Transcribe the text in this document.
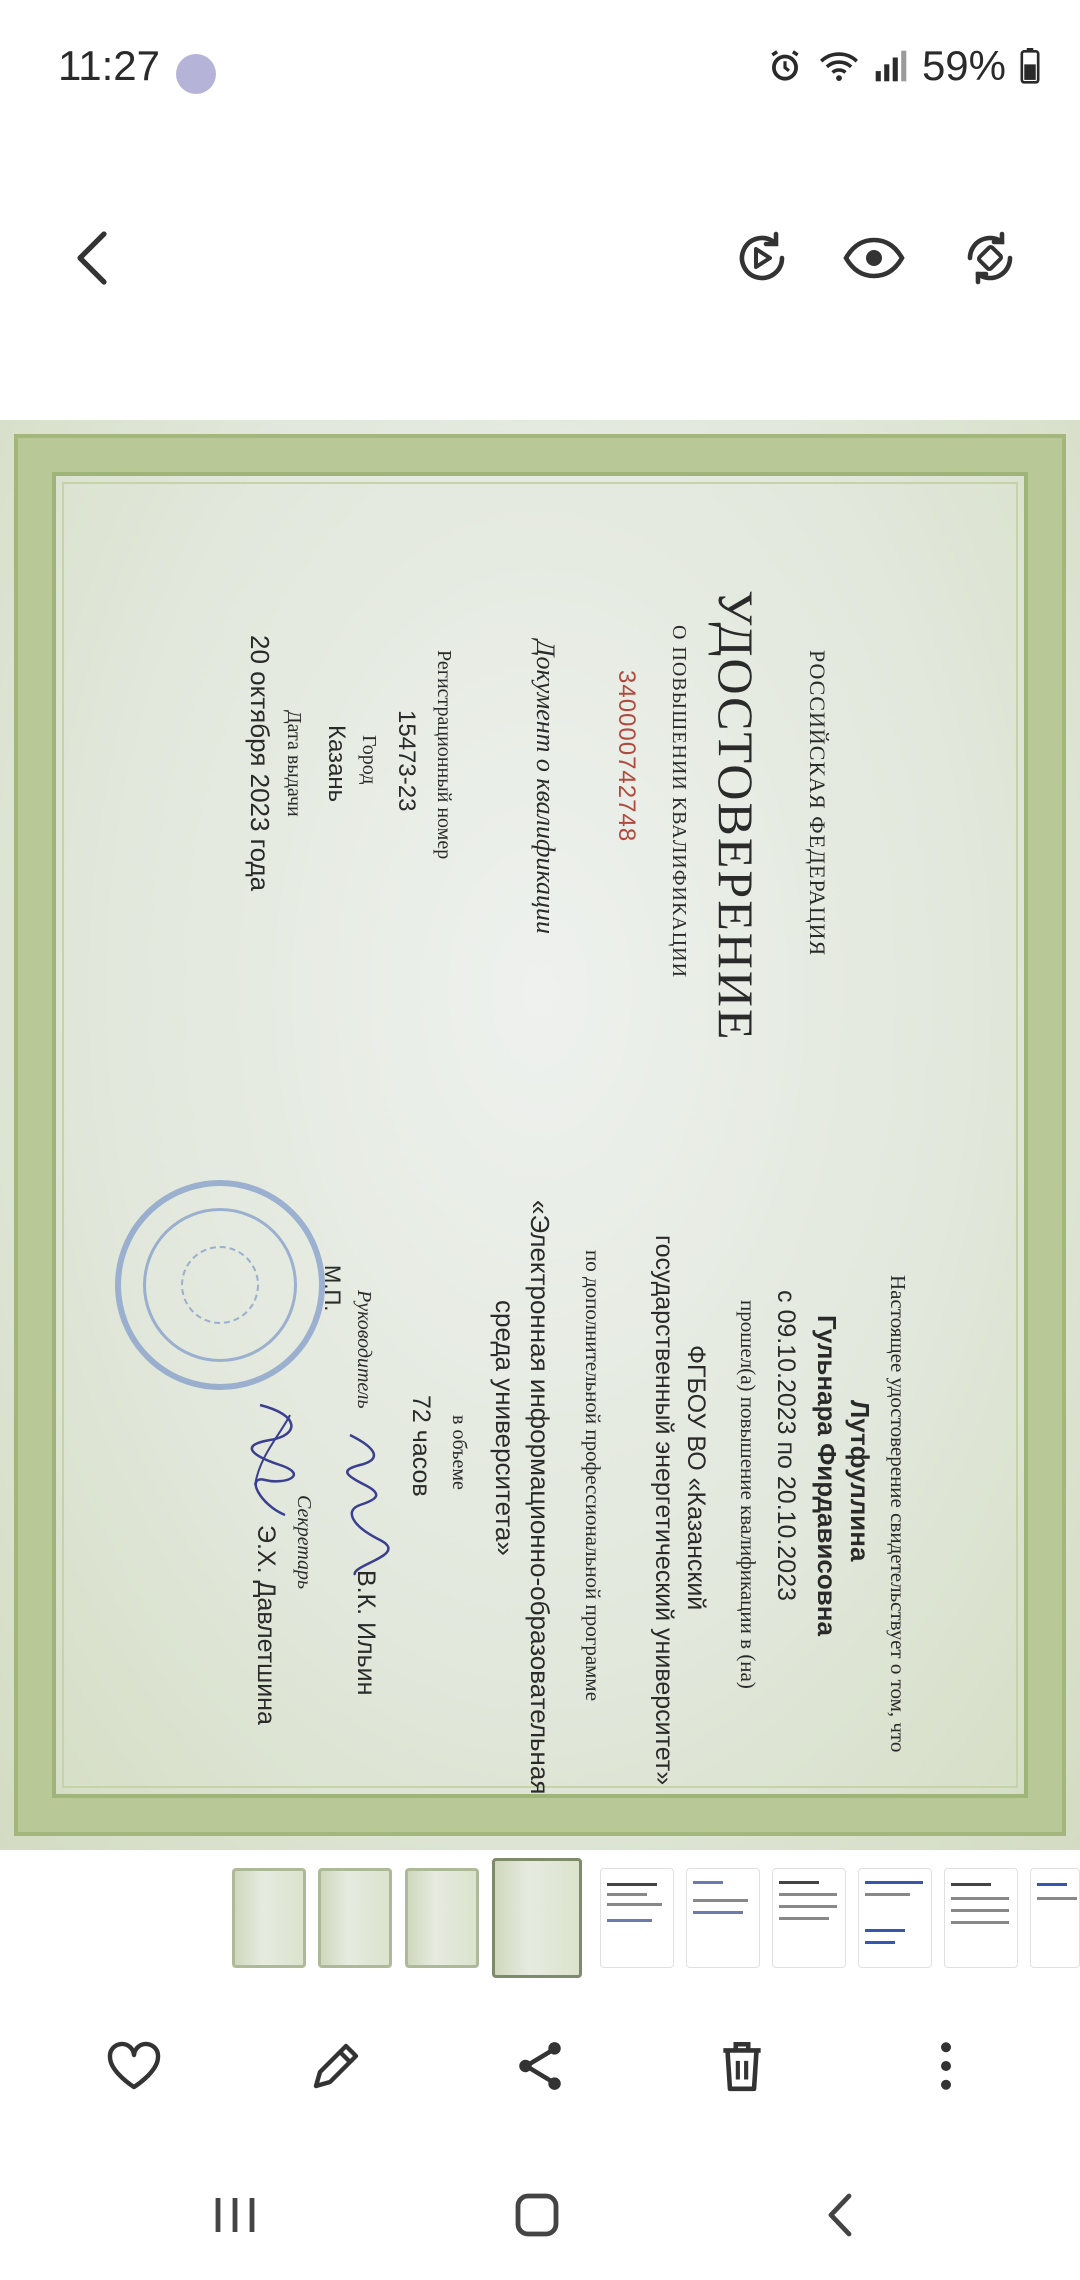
11:27	59%
РОССИЙСКАЯ ФЕДЕРАЦИЯ
УДОСТОВЕРЕНИЕ
О ПОВЫШЕНИИ КВАЛИФИКАЦИИ
340000742748
Документ о квалификации
Регистрационный номер
15473-23
Город
Казань
Дата выдачи
20 октября 2023 года
Настоящее удостоверение свидетельствует о том, что
Лутфуллина
Гульнара Фирдависовна
с 09.10.2023 по 20.10.2023
прошел(а) повышение квалификации в (на)
ФГБОУ ВО «Казанский
государственный энергетический университет»
по дополнительной профессиональной программе
«Электронная информационно-образовательная
среда университета»
в объеме
72 часов
Руководитель
В.К. Ильин
М.П.
Секретарь
Э.Х. Давлетшина
